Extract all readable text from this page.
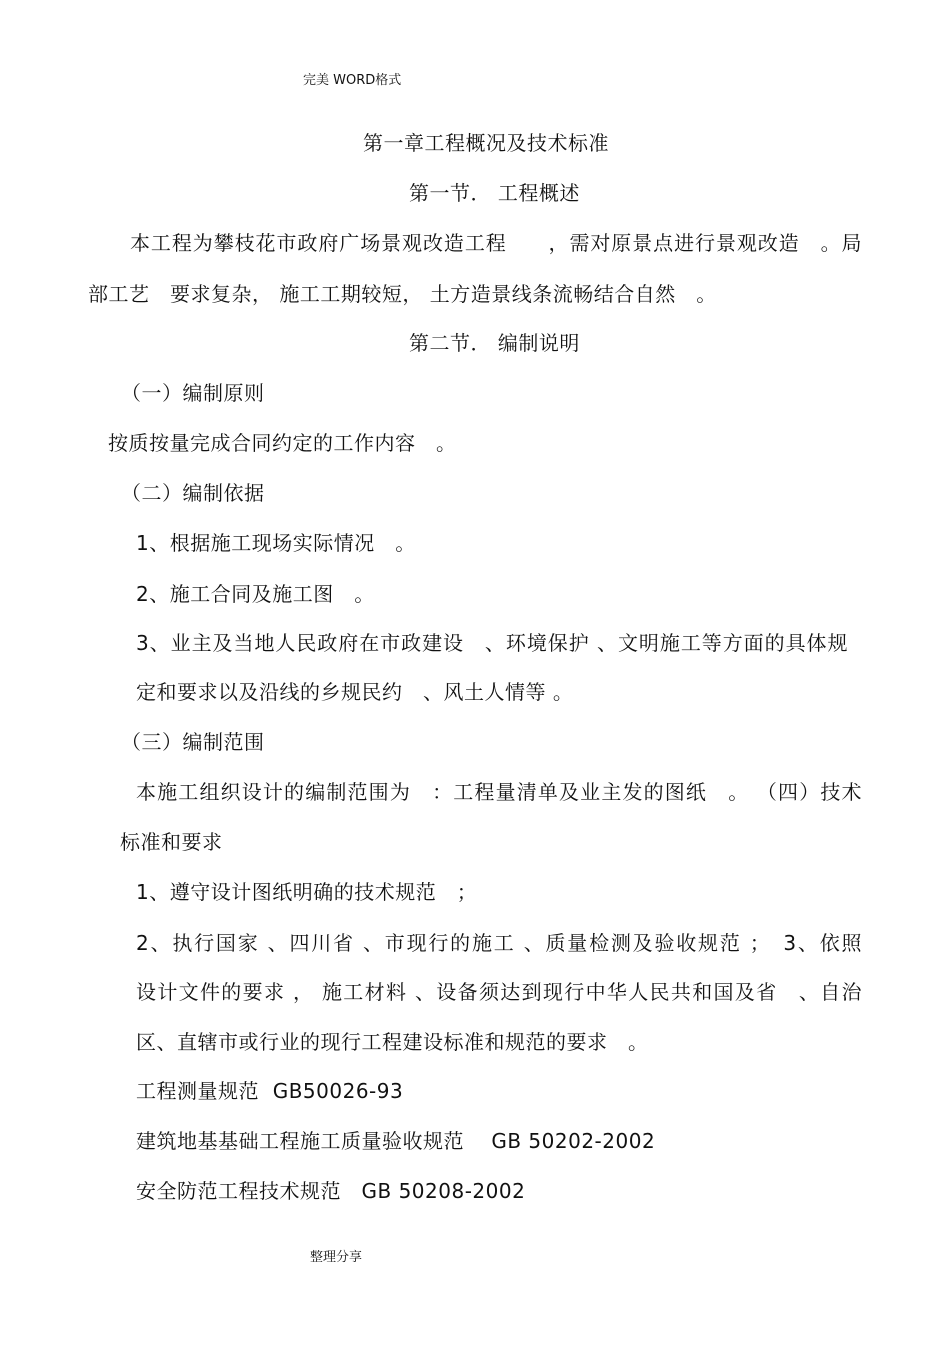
完美 WORD格式
第一章工程概况及技术标准
第一节． 工程概述
本工程为攀枝花市政府广场景观改造工程　　，需对原景点进行景观改造　。局
部工艺　要求复杂， 施工工期较短， 土方造景线条流畅结合自然　。
第二节． 编制说明
（一）编制原则
按质按量完成合同约定的工作内容　。
（二）编制依据
1、根据施工现场实际情况　。
2、施工合同及施工图　。
3、业主及当地人民政府在市政建设　、环境保护 、文明施工等方面的具体规
定和要求以及沿线的乡规民约　、风土人情等 。
（三）编制范围
本施工组织设计的编制范围为　：工程量清单及业主发的图纸　。 （四）技术
标准和要求
1、遵守设计图纸明确的技术规范　；
2、执行国家 、四川省 、市现行的施工 、质量检测及验收规范 ；　3、依照
设计文件的要求 ， 施工材料 、设备须达到现行中华人民共和国及省　、自治
区、直辖市或行业的现行工程建设标准和规范的要求　。
工程测量规范  GB50026-93
建筑地基基础工程施工质量验收规范　 GB 50202-2002
安全防范工程技术规范　GB 50208-2002
整理分享
